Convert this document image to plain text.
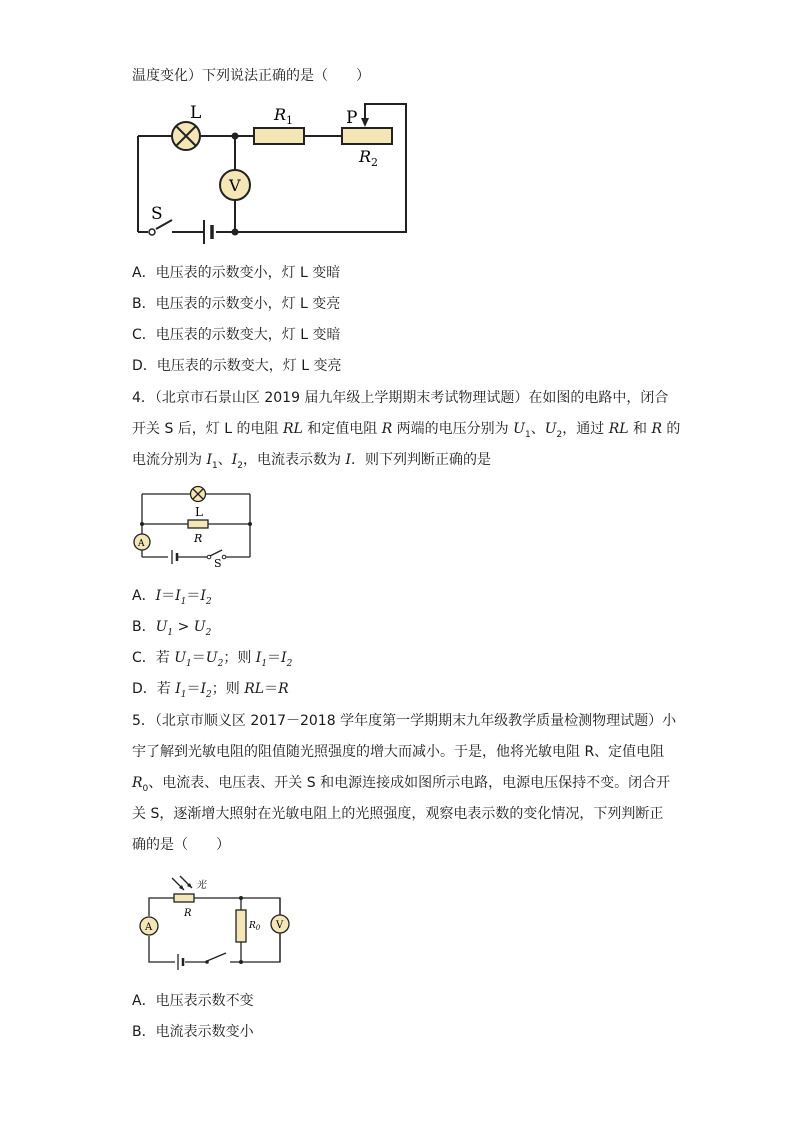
温度变化）下列说法正确的是（　　）
L	$R_1$	P
$R_2$
V
S
A．电压表的示数变小，灯 L 变暗
B．电压表的示数变小，灯 L 变亮
C．电压表的示数变大，灯 L 变暗
D．电压表的示数变大，灯 L 变亮
4．（北京市石景山区 2019 届九年级上学期期末考试物理试题）在如图的电路中，闭合
开关 S 后，灯 L 的电阻 RL 和定值电阻 R 两端的电压分别为 $U_1$、$U_2$，通过 RL 和 R 的
电流分别为 $I_1$、$I_2$，电流表示数为 I．则下列判断正确的是
L
R
A
S
A．$I=I_1=I_2$
B．$U_1 > U_2$
C．若 $U_1=U_2$；则 $I_1=I_2$
D．若 $I_1=I_2$；则 RL＝R
5．（北京市顺义区 2017－2018 学年度第一学期期末九年级教学质量检测物理试题）小
宇了解到光敏电阻的阻值随光照强度的增大而减小。于是，他将光敏电阻 R、定值电阻
$R_0$、电流表、电压表、开关 S 和电源连接成如图所示电路，电源电压保持不变。闭合开
关 S，逐渐增大照射在光敏电阻上的光照强度，观察电表示数的变化情况，下列判断正
确的是（　　）
光
R
$R_0$
A	V
A．电压表示数不变
B．电流表示数变小
